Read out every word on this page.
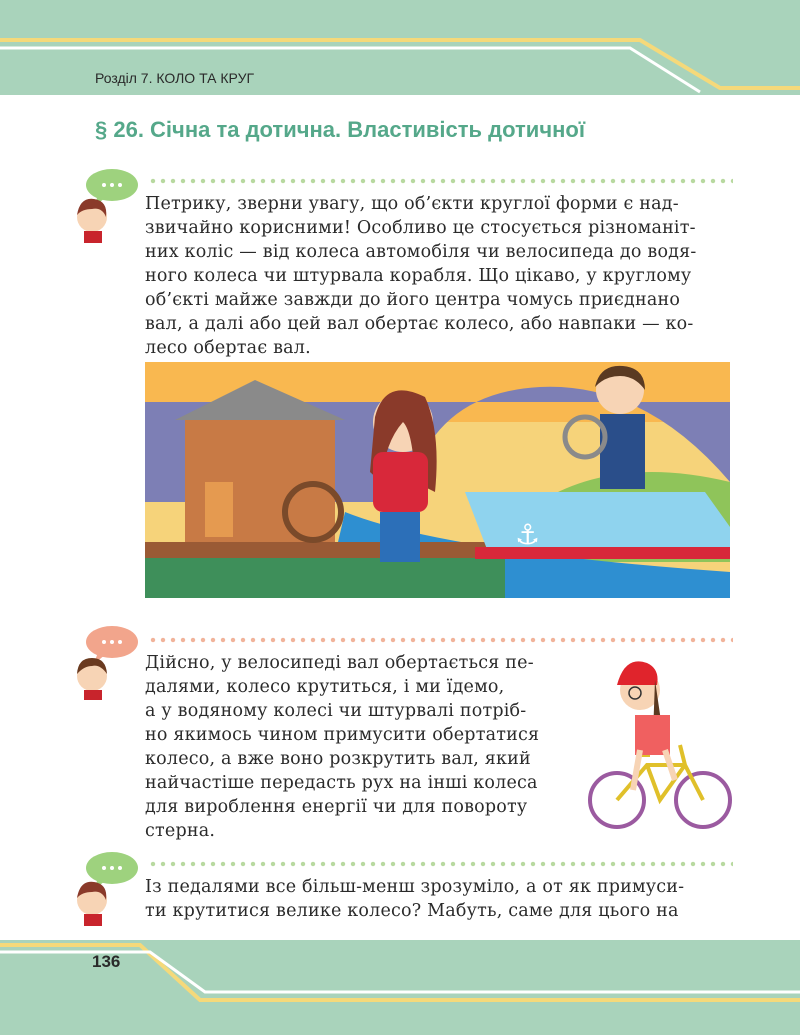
Розділ 7. КОЛО ТА КРУГ
§ 26. Січна та дотична. Властивість дотичної
Петрику, зверни увагу, що об’єкти круглої форми є над-
звичайно корисними! Особливо це стосується різноманіт-
них коліс — від колеса автомобіля чи велосипеда до водя-
ного колеса чи штурвала корабля. Що цікаво, у круглому
об’єкті майже завжди до його центра чомусь приєднано
вал, а далі або цей вал обертає колесо, або навпаки — ко-
лесо обертає вал.
⚓
Дійсно, у велосипеді вал обертається пе-
далями, колесо крутиться, і ми їдемо,
а у водяному колесі чи штурвалі потріб-
но якимось чином примусити обертатися
колесо, а вже воно розкрутить вал, який
найчастіше передасть рух на інші колеса
для вироблення енергії чи для повороту
стерна.
Із педалями все більш-менш зрозуміло, а от як примуси-
ти крутитися велике колесо? Мабуть, саме для цього на
136
